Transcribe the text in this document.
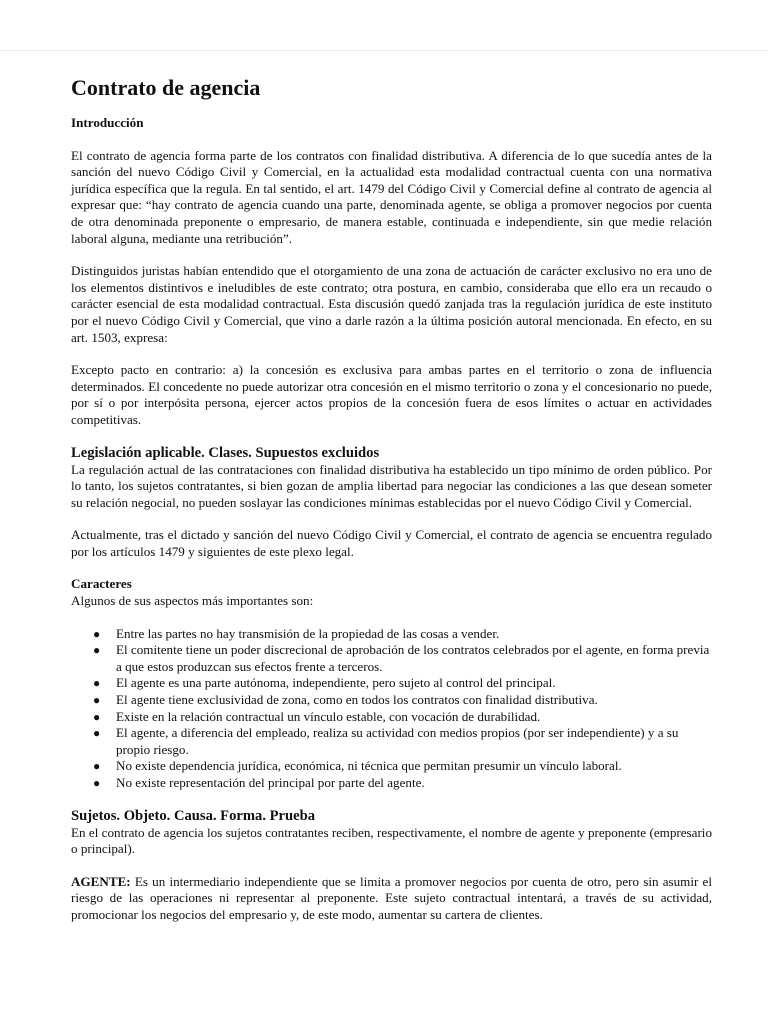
Contrato de agencia
Introducción

El contrato de agencia forma parte de los contratos con finalidad distributiva. A diferencia de lo que sucedía antes de la sanción del nuevo Código Civil y Comercial, en la actualidad esta modalidad contractual cuenta con una normativa jurídica específica que la regula. En tal sentido, el art. 1479 del Código Civil y Comercial define al contrato de agencia al expresar que: “hay contrato de agencia cuando una parte, denominada agente, se obliga a promover negocios por cuenta de otra denominada preponente o empresario, de manera estable, continuada e independiente, sin que medie relación laboral alguna, mediante una retribución”.

Distinguidos juristas habían entendido que el otorgamiento de una zona de actuación de carácter exclusivo no era uno de los elementos distintivos e ineludibles de este contrato; otra postura, en cambio, consideraba que ello era un recaudo o carácter esencial de esta modalidad contractual. Esta discusión quedó zanjada tras la regulación jurídica de este instituto por el nuevo Código Civil y Comercial, que vino a darle razón a la última posición autoral mencionada. En efecto, en su art. 1503, expresa:

Excepto pacto en contrario: a) la concesión es exclusiva para ambas partes en el territorio o zona de influencia determinados. El concedente no puede autorizar otra concesión en el mismo territorio o zona y el concesionario no puede, por sí o por interpósita persona, ejercer actos propios de la concesión fuera de esos límites o actuar en actividades competitivas.

Legislación aplicable. Clases. Supuestos excluidos

La regulación actual de las contrataciones con finalidad distributiva ha establecido un tipo mínimo de orden público. Por lo tanto, los sujetos contratantes, si bien gozan de amplia libertad para negociar las condiciones a las que desean someter su relación negocial, no pueden soslayar las condiciones mínimas establecidas por el nuevo Código Civil y Comercial.

Actualmente, tras el dictado y sanción del nuevo Código Civil y Comercial, el contrato de agencia se encuentra regulado por los artículos 1479 y siguientes de este plexo legal.

Caracteres

Algunos de sus aspectos más importantes son:

● Entre las partes no hay transmisión de la propiedad de las cosas a vender.
● El comitente tiene un poder discrecional de aprobación de los contratos celebrados por el agente, en forma previa a que estos produzcan sus efectos frente a terceros.
● El agente es una parte autónoma, independiente, pero sujeto al control del principal.
● El agente tiene exclusividad de zona, como en todos los contratos con finalidad distributiva.
● Existe en la relación contractual un vínculo estable, con vocación de durabilidad.
● El agente, a diferencia del empleado, realiza su actividad con medios propios (por ser independiente) y a su propio riesgo.
● No existe dependencia jurídica, económica, ni técnica que permitan presumir un vínculo laboral.
● No existe representación del principal por parte del agente.
Sujetos. Objeto. Causa. Forma. Prueba

En el contrato de agencia los sujetos contratantes reciben, respectivamente, el nombre de agente y preponente (empresario o principal).

AGENTE: Es un intermediario independiente que se limita a promover negocios por cuenta de otro, pero sin asumir el riesgo de las operaciones ni representar al preponente. Este sujeto contractual intentará, a través de su actividad, promocionar los negocios del empresario y, de este modo, aumentar su cartera de clientes.
